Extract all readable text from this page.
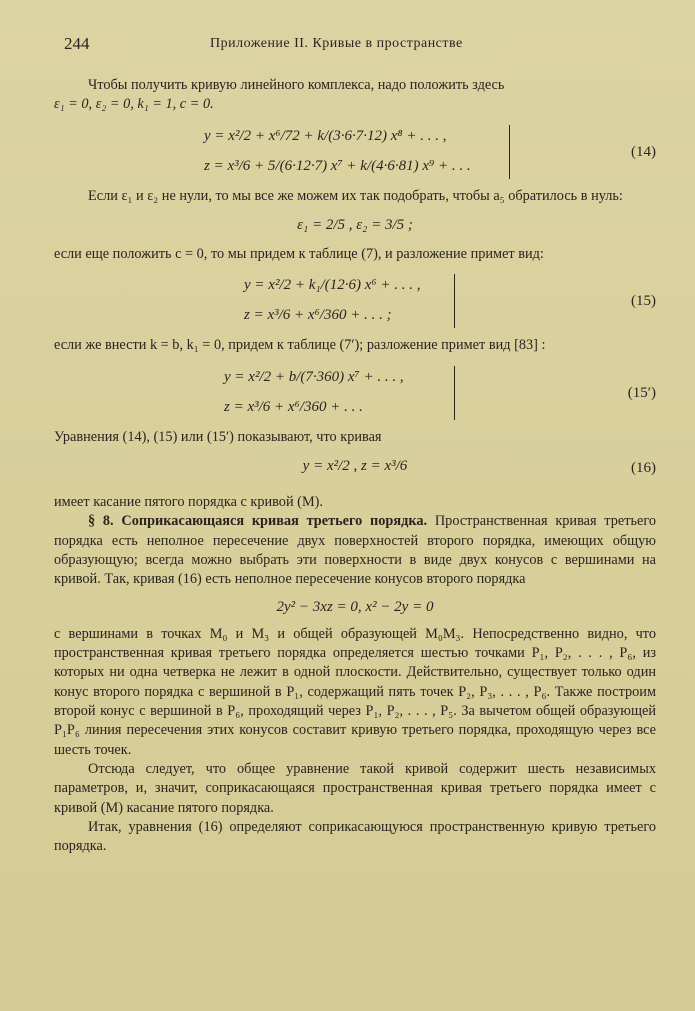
244	Приложение II. Кривые в пространстве

Чтобы получить кривую линейного комплекса, надо положить здесь

ε₁ = 0, ε₂ = 0, k₁ = 1, c = 0.

y = x²/2 + x⁶/72 + k/(3·6·7·12) x⁸ + . . . ,
z = x³/6 + 5/(6·12·7) x⁷ + k/(4·6·81) x⁹ + . . .
(14)

Если ε₁ и ε₂ не нули, то мы все же можем их так подобрать, чтобы a₅ обратилось в нуль:

ε₁ = 2/5 , ε₂ = 3/5 ;

если еще положить c = 0, то мы придем к таблице (7), и разложение примет вид:

y = x²/2 + k₁/(12·6) x⁶ + . . . ,
z = x³/6 + x⁶/360 + . . . ;
(15)

если же внести k = b, k₁ = 0, придем к таблице (7′); разложение примет вид [83] :

y = x²/2 + b/(7·360) x⁷ + . . . ,
z = x³/6 + x⁶/360 + . . .
(15′)

Уравнения (14), (15) или (15′) показывают, что кривая

y = x²/2 , z = x³/6	(16)

имеет касание пятого порядка с кривой (M).

§ 8. Соприкасающаяся кривая третьего порядка. Пространственная кривая третьего порядка есть неполное пересечение двух поверхностей второго порядка, имеющих общую образующую; всегда можно выбрать эти поверхности в виде двух конусов с вершинами на кривой. Так, кривая (16) есть неполное пересечение конусов второго порядка

2y² − 3xz = 0, x² − 2y = 0

с вершинами в точках M₀ и M₃ и общей образующей M₀M₃. Непосредственно видно, что пространственная кривая третьего порядка определяется шестью точками P₁, P₂, . . . , P₆, из которых ни одна четверка не лежит в одной плоскости. Действительно, существует только один конус второго порядка с вершиной в P₁, содержащий пять точек P₂, P₃, . . . , P₆. Также построим второй конус с вершиной в P₆, проходящий через P₁, P₂, . . . , P₅. За вычетом общей образующей P₁P₆ линия пересечения этих конусов составит кривую третьего порядка, проходящую через все шесть точек.

Отсюда следует, что общее уравнение такой кривой содержит шесть независимых параметров, и, значит, соприкасающаяся пространственная кривая третьего порядка имеет с кривой (M) касание пятого порядка.

Итак, уравнения (16) определяют соприкасающуюся пространственную кривую третьего порядка.
